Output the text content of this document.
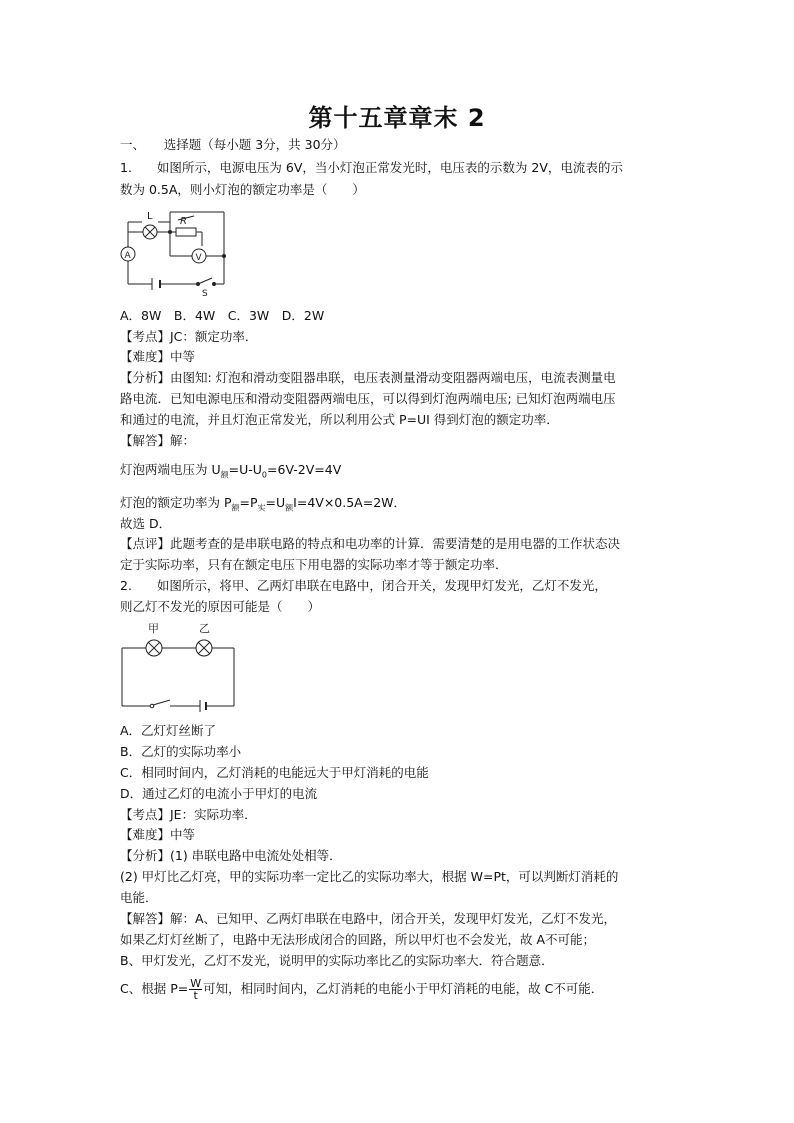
第十五章章末 2
一、　　选择题（每小题 3分，共 30分）
1.　　如图所示，电源电压为 6V，当小灯泡正常发光时，电压表的示数为 2V，电流表的示
数为 0.5A，则小灯泡的额定功率是（　　）
L	R
A	V
S
A．8W　B．4W　C．3W　D．2W
【考点】JC：额定功率．
【难度】中等
【分析】由图知: 灯泡和滑动变阻器串联，电压表测量滑动变阻器两端电压，电流表测量电
路电流．已知电源电压和滑动变阻器两端电压，可以得到灯泡两端电压; 已知灯泡两端电压
和通过的电流，并且灯泡正常发光，所以利用公式 P=UI 得到灯泡的额定功率．
【解答】解：
灯泡两端电压为 $U_额=U-U_0=6V-2V=4V$
灯泡的额定功率为 $P_额=P_实=U_额I=4V\times 0.5A=2W$．
故选 D．
【点评】此题考查的是串联电路的特点和电功率的计算．需要清楚的是用电器的工作状态决
定于实际功率，只有在额定电压下用电器的实际功率才等于额定功率．
2.　　如图所示，将甲、乙两灯串联在电路中，闭合开关，发现甲灯发光，乙灯不发光，
则乙灯不发光的原因可能是（　　）
甲	乙
A．乙灯灯丝断了
B．乙灯的实际功率小
C．相同时间内，乙灯消耗的电能远大于甲灯消耗的电能
D．通过乙灯的电流小于甲灯的电流
【考点】JE：实际功率．
【难度】中等
【分析】(1) 串联电路中电流处处相等．
(2) 甲灯比乙灯亮，甲的实际功率一定比乙的实际功率大，根据 W=Pt，可以判断灯消耗的
电能．
【解答】解：A、已知甲、乙两灯串联在电路中，闭合开关，发现甲灯发光，乙灯不发光，
如果乙灯灯丝断了，电路中无法形成闭合的回路，所以甲灯也不会发光，故 A不可能；
B、甲灯发光，乙灯不发光，说明甲的实际功率比乙的实际功率大．符合题意．
C、根据 $P= \frac{W}{t}$ 可知，相同时间内，乙灯消耗的电能小于甲灯消耗的电能，故 C不可能．
